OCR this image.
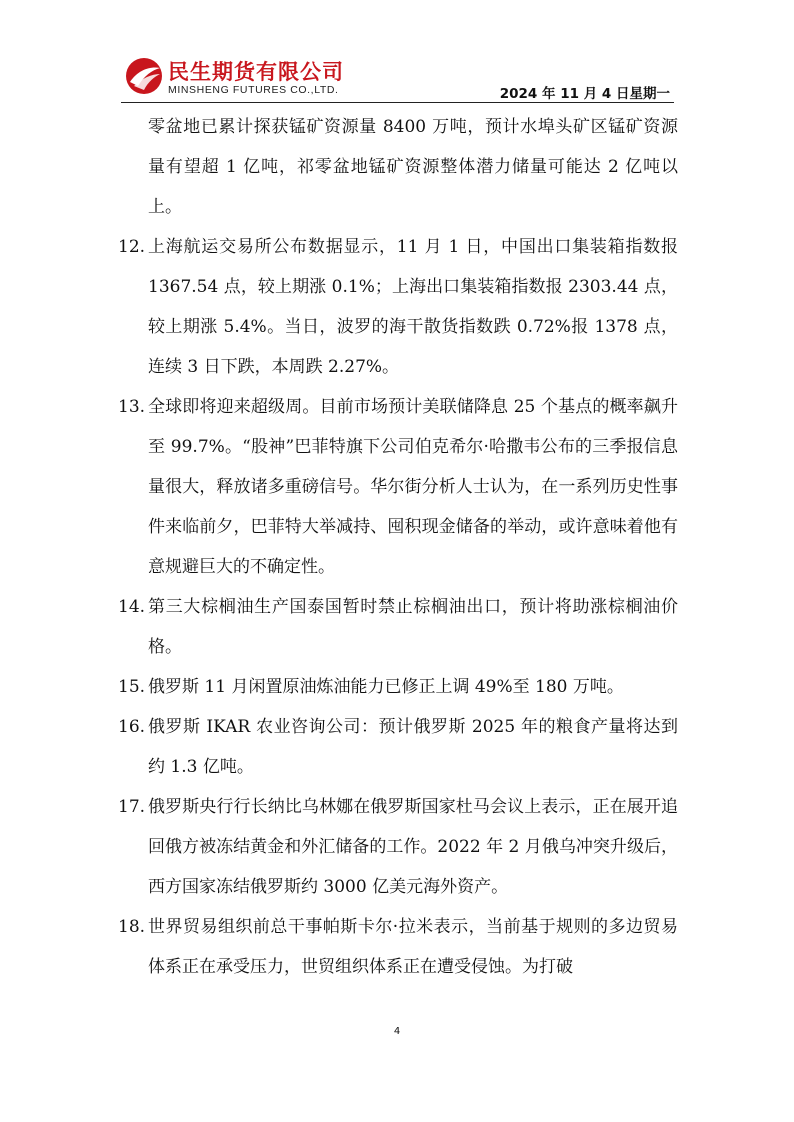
民生期货有限公司
MINSHENG FUTURES CO.,LTD.	2024 年 11 月 4 日星期一
零盆地已累计探获锰矿资源量 8400 万吨，预计水埠头矿区锰矿资源量有望超 1 亿吨，祁零盆地锰矿资源整体潜力储量可能达 2 亿吨以上。
12. 上海航运交易所公布数据显示，11 月 1 日，中国出口集装箱指数报 1367.54 点，较上期涨 0.1%；上海出口集装箱指数报 2303.44 点，较上期涨 5.4%。当日，波罗的海干散货指数跌 0.72%报 1378 点，连续 3 日下跌，本周跌 2.27%。
13. 全球即将迎来超级周。目前市场预计美联储降息 25 个基点的概率飙升至 99.7%。“股神”巴菲特旗下公司伯克希尔·哈撒韦公布的三季报信息量很大，释放诸多重磅信号。华尔街分析人士认为，在一系列历史性事件来临前夕，巴菲特大举减持、囤积现金储备的举动，或许意味着他有意规避巨大的不确定性。
14. 第三大棕榈油生产国泰国暂时禁止棕榈油出口，预计将助涨棕榈油价格。
15. 俄罗斯 11 月闲置原油炼油能力已修正上调 49%至 180 万吨。
16. 俄罗斯 IKAR 农业咨询公司：预计俄罗斯 2025 年的粮食产量将达到约 1.3 亿吨。
17. 俄罗斯央行行长纳比乌林娜在俄罗斯国家杜马会议上表示，正在展开追回俄方被冻结黄金和外汇储备的工作。2022 年 2 月俄乌冲突升级后，西方国家冻结俄罗斯约 3000 亿美元海外资产。
18. 世界贸易组织前总干事帕斯卡尔·拉米表示，当前基于规则的多边贸易体系正在承受压力，世贸组织体系正在遭受侵蚀。为打破
4
